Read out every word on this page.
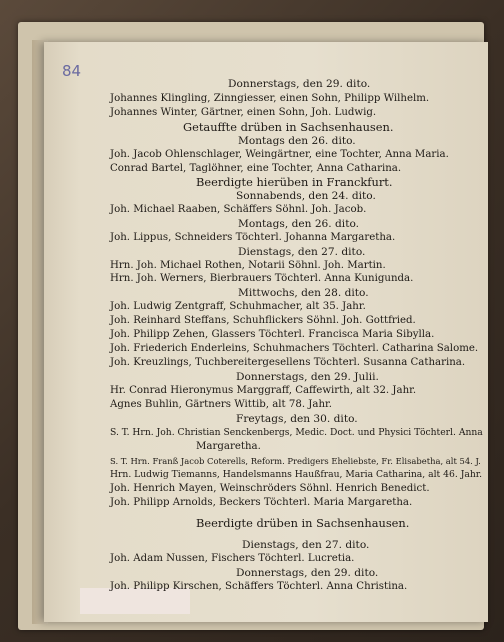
84
Donnerstags, den 29. dito.
Johannes Klingling, Zinngiesser, einen Sohn, Philipp Wilhelm.
Johannes Winter, Gärtner, einen Sohn, Joh. Ludwig.
Getauffte drüben in Sachsenhausen.
Montags den 26. dito.
Joh. Jacob Ohlenschlager, Weingärtner, eine Tochter, Anna Maria.
Conrad Bartel, Taglöhner, eine Tochter, Anna Catharina.
Beerdigte hierüben in Franckfurt.
Sonnabends, den 24. dito.
Joh. Michael Raaben, Schäffers Söhnl. Joh. Jacob.
Montags, den 26. dito.
Joh. Lippus, Schneiders Töchterl. Johanna Margaretha.
Dienstags, den 27. dito.
Hrn. Joh. Michael Rothen, Notarii Söhnl. Joh. Martin.
Hrn. Joh. Werners, Bierbrauers Töchterl. Anna Kunigunda.
Mittwochs, den 28. dito.
Joh. Ludwig Zentgraff, Schuhmacher, alt 35. Jahr.
Joh. Reinhard Steffans, Schuhflickers Söhnl. Joh. Gottfried.
Joh. Philipp Zehen, Glassers Töchterl. Francisca Maria Sibylla.
Joh. Friederich Enderleins, Schuhmachers Töchterl. Catharina Salome.
Joh. Kreuzlings, Tuchbereitergesellens Töchterl. Susanna Catharina.
Donnerstags, den 29. Julii.
Hr. Conrad Hieronymus Marggraff, Caffewirth, alt 32. Jahr.
Agnes Buhlin, Gärtners Wittib, alt 78. Jahr.
Freytags, den 30. dito.
S. T. Hrn. Joh. Christian Senckenbergs, Medic. Doct. und Physici Töchterl. Anna
Margaretha.
S. T. Hrn. Franß Jacob Coterells, Reform. Predigers Eheliebste, Fr. Elisabetha, alt 54. J.
Hrn. Ludwig Tiemanns, Handelsmanns Haußfrau, Maria Catharina, alt 46. Jahr.
Joh. Henrich Mayen, Weinschröders Söhnl. Henrich Benedict.
Joh. Philipp Arnolds, Beckers Töchterl. Maria Margaretha.
Beerdigte drüben in Sachsenhausen.
Dienstags, den 27. dito.
Joh. Adam Nussen, Fischers Töchterl. Lucretia.
Donnerstags, den 29. dito.
Joh. Philipp Kirschen, Schäffers Töchterl. Anna Christina.
